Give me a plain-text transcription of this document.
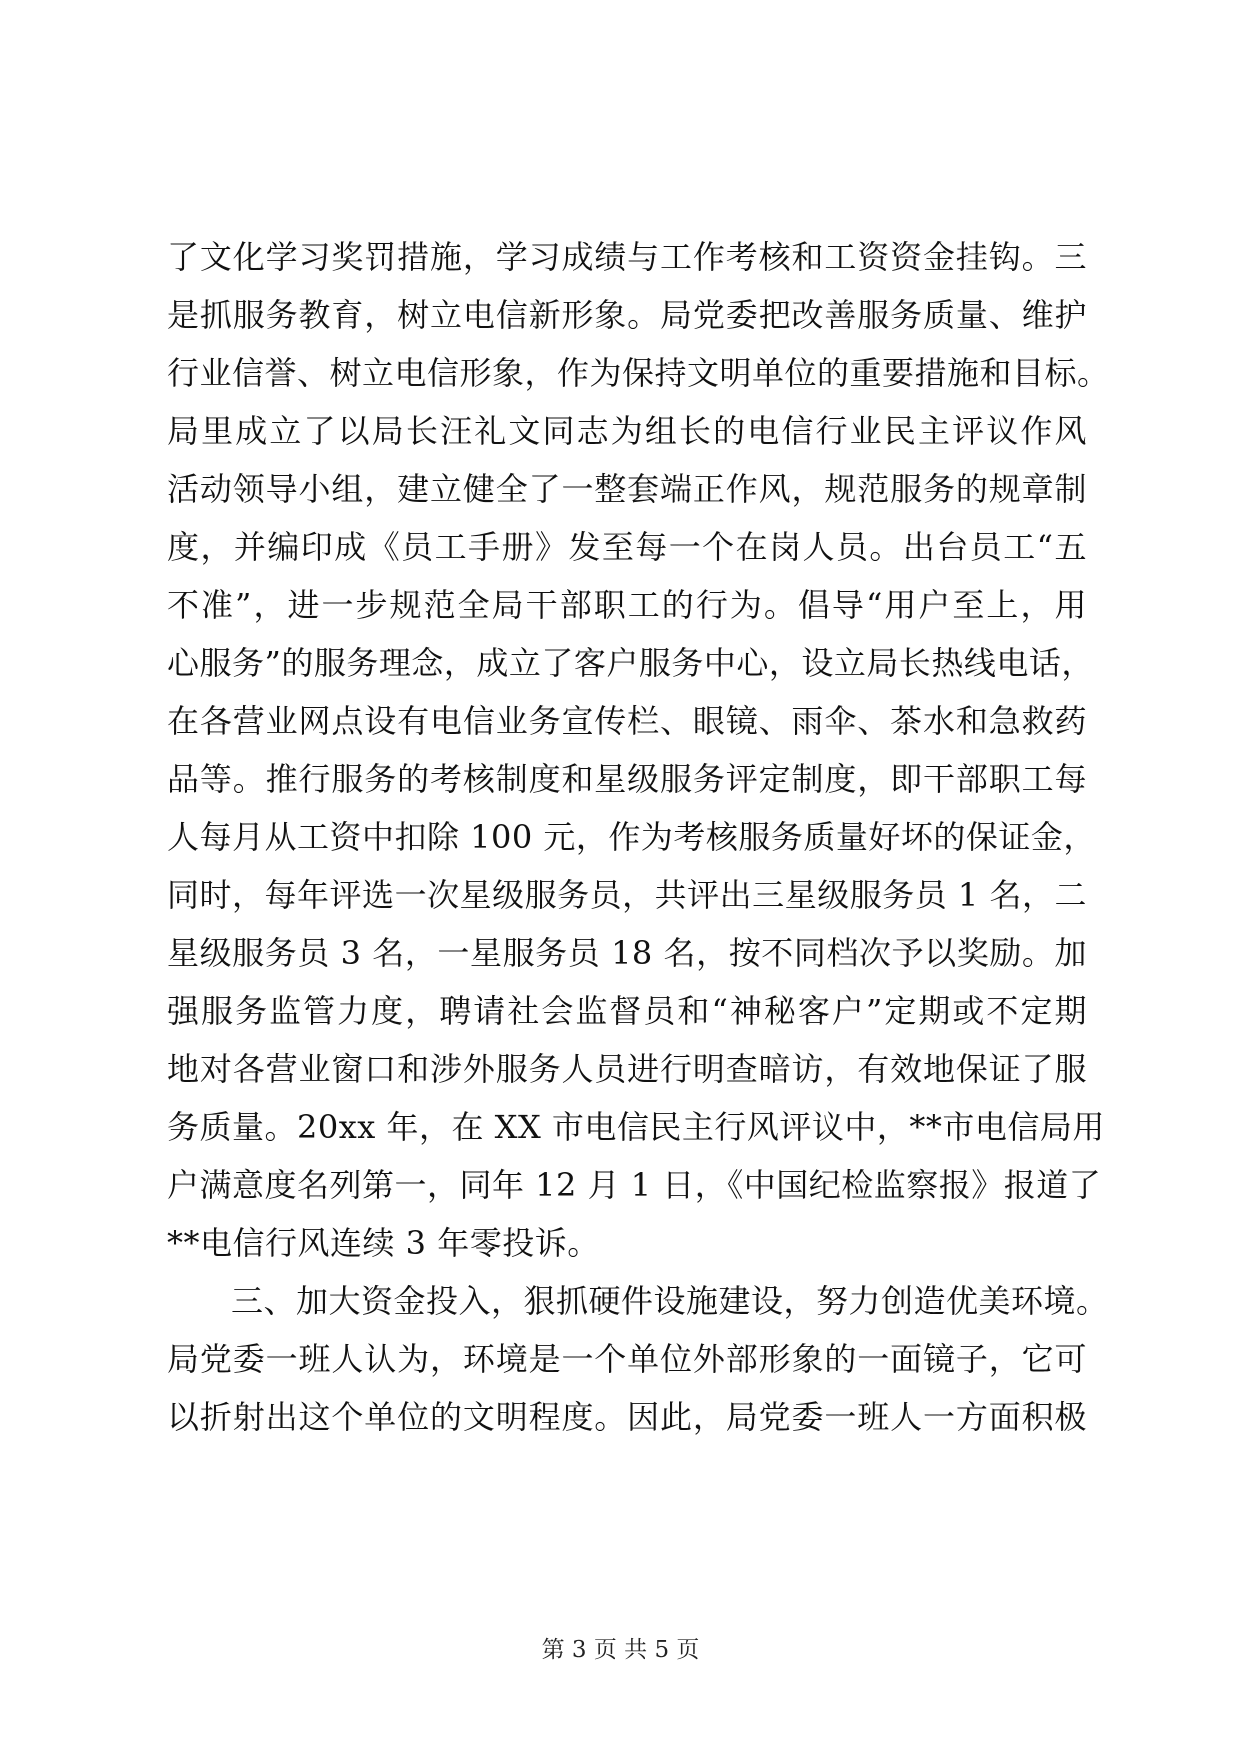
了文化学习奖罚措施，学习成绩与工作考核和工资资金挂钩。三
是抓服务教育，树立电信新形象。局党委把改善服务质量、维护
行业信誉、树立电信形象，作为保持文明单位的重要措施和目标。
局里成立了以局长汪礼文同志为组长的电信行业民主评议作风
活动领导小组，建立健全了一整套端正作风，规范服务的规章制
度，并编印成《员工手册》发至每一个在岗人员。出台员工“五
不准”，进一步规范全局干部职工的行为。倡导“用户至上，用
心服务”的服务理念，成立了客户服务中心，设立局长热线电话，
在各营业网点设有电信业务宣传栏、眼镜、雨伞、茶水和急救药
品等。推行服务的考核制度和星级服务评定制度，即干部职工每
人每月从工资中扣除 100 元，作为考核服务质量好坏的保证金，
同时，每年评选一次星级服务员，共评出三星级服务员 1 名，二
星级服务员 3 名，一星服务员 18 名，按不同档次予以奖励。加
强服务监管力度，聘请社会监督员和“神秘客户”定期或不定期
地对各营业窗口和涉外服务人员进行明查暗访，有效地保证了服
务质量。20xx 年，在 XX 市电信民主行风评议中，**市电信局用
户满意度名列第一，同年 12 月 1 日，《中国纪检监察报》报道了
**电信行风连续 3 年零投诉。
三、加大资金投入，狠抓硬件设施建设，努力创造优美环境。
局党委一班人认为，环境是一个单位外部形象的一面镜子，它可
以折射出这个单位的文明程度。因此，局党委一班人一方面积极
第 3 页 共 5 页
